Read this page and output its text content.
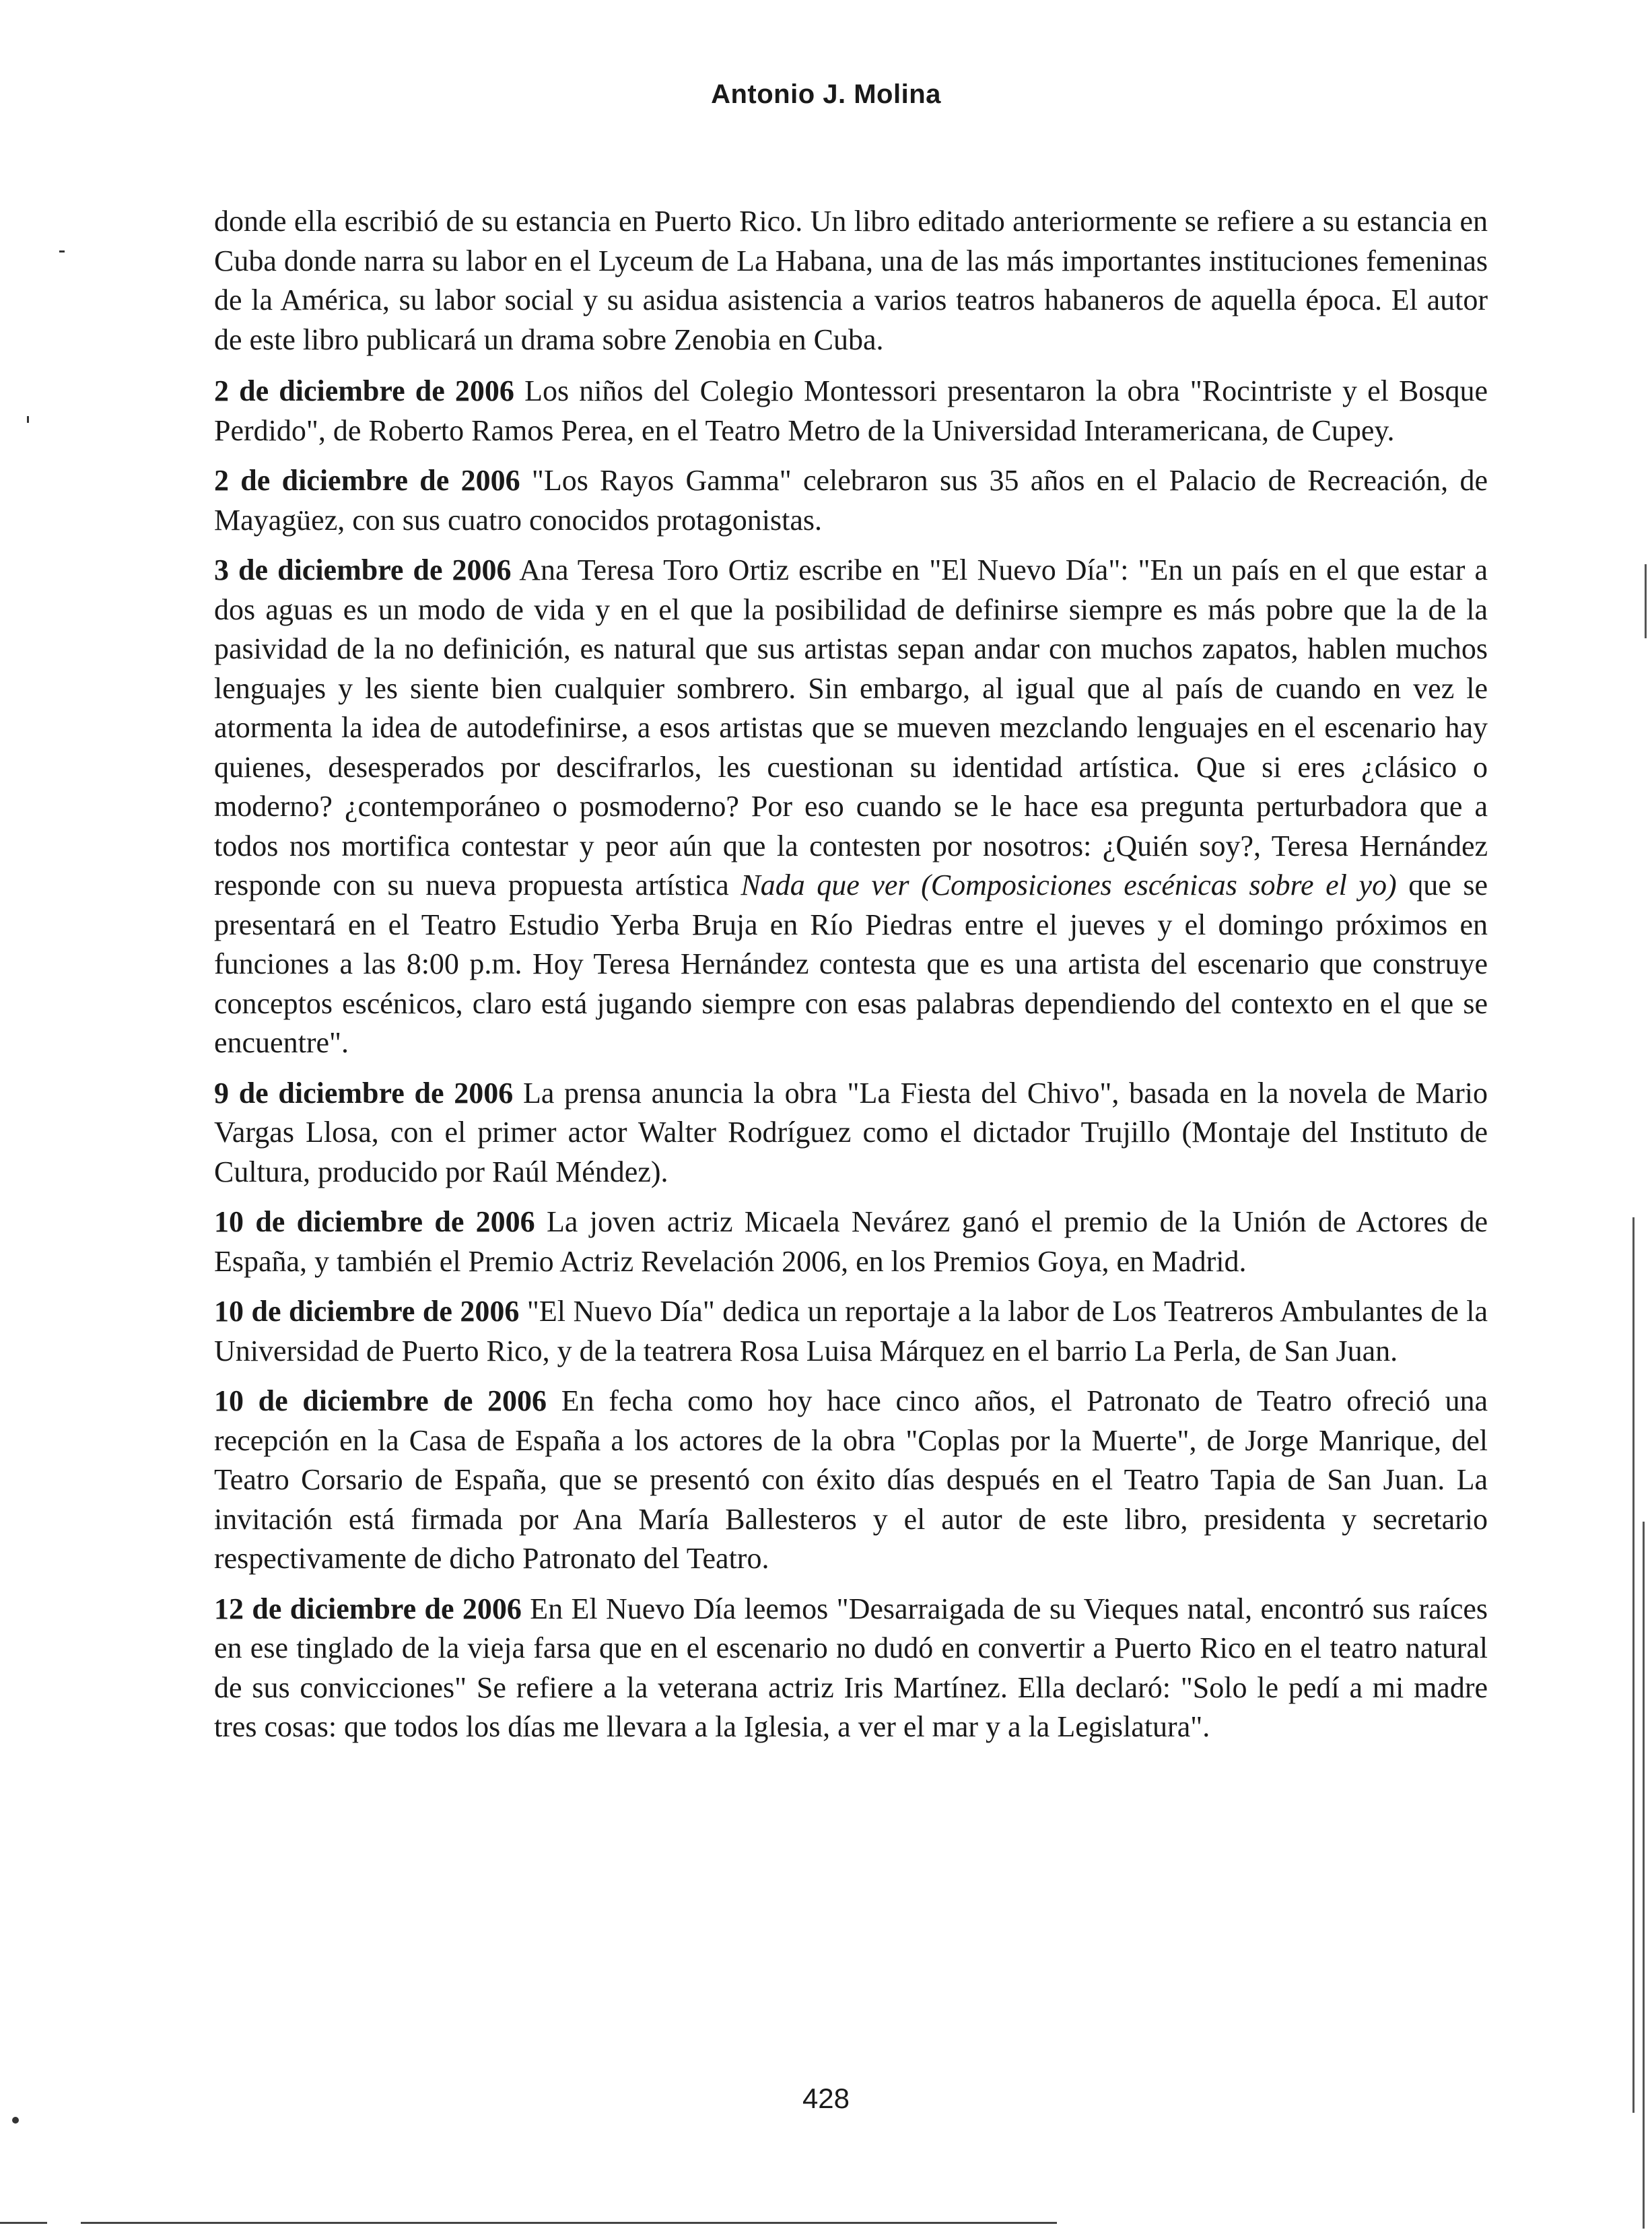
Antonio J. Molina

donde ella escribió de su estancia en Puerto Rico. Un libro editado anteriormente se refiere a su estancia en Cuba donde narra su labor en el Lyceum de La Habana, una de las más importantes instituciones femeninas de la América, su labor social y su asidua asistencia a varios teatros habaneros de aquella época. El autor de este libro publicará un drama sobre Zenobia en Cuba.

2 de diciembre de 2006 Los niños del Colegio Montessori presentaron la obra "Rocintriste y el Bosque Perdido", de Roberto Ramos Perea, en el Teatro Metro de la Universidad Interamericana, de Cupey.

2 de diciembre de 2006 "Los Rayos Gamma" celebraron sus 35 años en el Palacio de Recreación, de Mayagüez, con sus cuatro conocidos protagonistas.

3 de diciembre de 2006 Ana Teresa Toro Ortiz escribe en "El Nuevo Día": "En un país en el que estar a dos aguas es un modo de vida y en el que la posibilidad de definirse siempre es más pobre que la de la pasividad de la no definición, es natural que sus artistas sepan andar con muchos zapatos, hablen muchos lenguajes y les siente bien cualquier sombrero. Sin embargo, al igual que al país de cuando en vez le atormenta la idea de autodefinirse, a esos artistas que se mueven mezclando lenguajes en el escenario hay quienes, desesperados por descifrarlos, les cuestionan su identidad artística. Que si eres ¿clásico o moderno? ¿contemporáneo o posmoderno? Por eso cuando se le hace esa pregunta perturbadora que a todos nos mortifica contestar y peor aún que la contesten por nosotros: ¿Quién soy?, Teresa Hernández responde con su nueva propuesta artística Nada que ver (Composiciones escénicas sobre el yo) que se presentará en el Teatro Estudio Yerba Bruja en Río Piedras entre el jueves y el domingo próximos en funciones a las 8:00 p.m. Hoy Teresa Hernández contesta que es una artista del escenario que construye conceptos escénicos, claro está jugando siempre con esas palabras dependiendo del contexto en el que se encuentre".

9 de diciembre de 2006 La prensa anuncia la obra "La Fiesta del Chivo", basada en la novela de Mario Vargas Llosa, con el primer actor Walter Rodríguez como el dictador Trujillo (Montaje del Instituto de Cultura, producido por Raúl Méndez).

10 de diciembre de 2006 La joven actriz Micaela Nevárez ganó el premio de la Unión de Actores de España, y también el Premio Actriz Revelación 2006, en los Premios Goya, en Madrid.

10 de diciembre de 2006 "El Nuevo Día" dedica un reportaje a la labor de Los Teatreros Ambulantes de la Universidad de Puerto Rico, y de la teatrera Rosa Luisa Márquez en el barrio La Perla, de San Juan.

10 de diciembre de 2006 En fecha como hoy hace cinco años, el Patronato de Teatro ofreció una recepción en la Casa de España a los actores de la obra "Coplas por la Muerte", de Jorge Manrique, del Teatro Corsario de España, que se presentó con éxito días después en el Teatro Tapia de San Juan. La invitación está firmada por Ana María Ballesteros y el autor de este libro, presidenta y secretario respectivamente de dicho Patronato del Teatro.

12 de diciembre de 2006 En El Nuevo Día leemos "Desarraigada de su Vieques natal, encontró sus raíces en ese tinglado de la vieja farsa que en el escenario no dudó en convertir a Puerto Rico en el teatro natural de sus convicciones" Se refiere a la veterana actriz Iris Martínez. Ella declaró: "Solo le pedí a mi madre tres cosas: que todos los días me llevara a la Iglesia, a ver el mar y a la Legislatura".

428
